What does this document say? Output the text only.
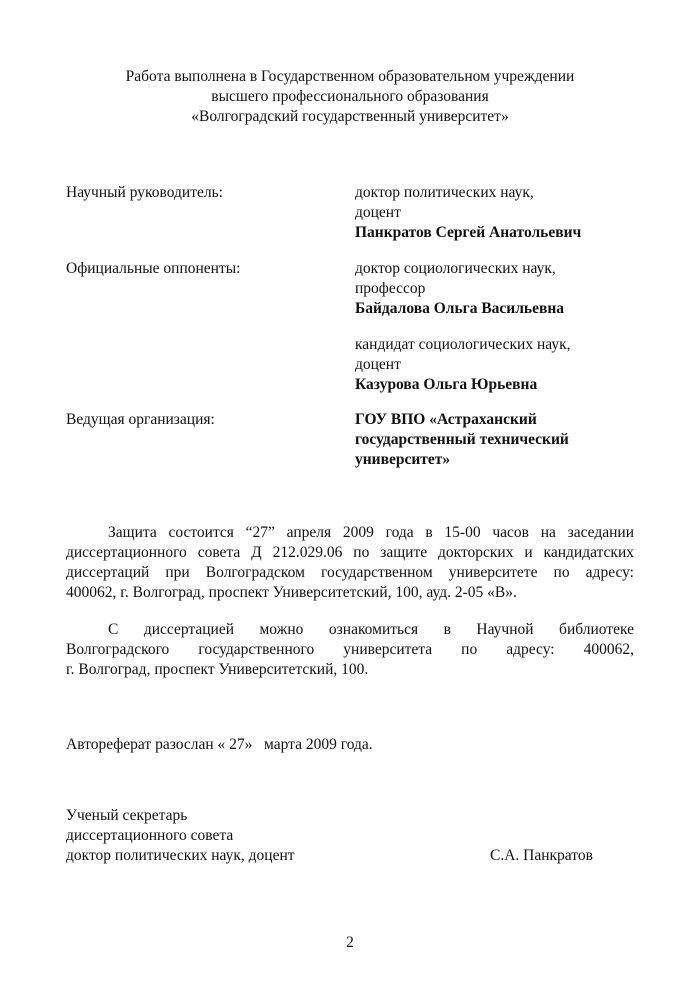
Работа выполнена в Государственном образовательном учреждении
высшего профессионального образования
«Волгоградский государственный университет»
Научный руководитель:	доктор политических наук,
доцент
Панкратов Сергей Анатольевич
Официальные оппоненты:	доктор социологических наук,
профессор
Байдалова Ольга Васильевна
кандидат социологических наук,
доцент
Казурова Ольга Юрьевна
Ведущая организация:	ГОУ ВПО «Астраханский
государственный технический
университет»
Защита состоится “27” апреля 2009 года в 15-00 часов на заседании
диссертационного совета Д 212.029.06 по защите докторских и кандидатских
диссертаций при Волгоградском государственном университете по адресу:
400062, г. Волгоград, проспект Университетский, 100, ауд. 2-05 «В».
С диссертацией можно ознакомиться в Научной библиотеке
Волгоградского государственного университета по адресу: 400062,
г. Волгоград, проспект Университетский, 100.
Автореферат разослан « 27»   марта 2009 года.
Ученый секретарь
диссертационного совета
доктор политических наук, доцент	С.А. Панкратов
2
